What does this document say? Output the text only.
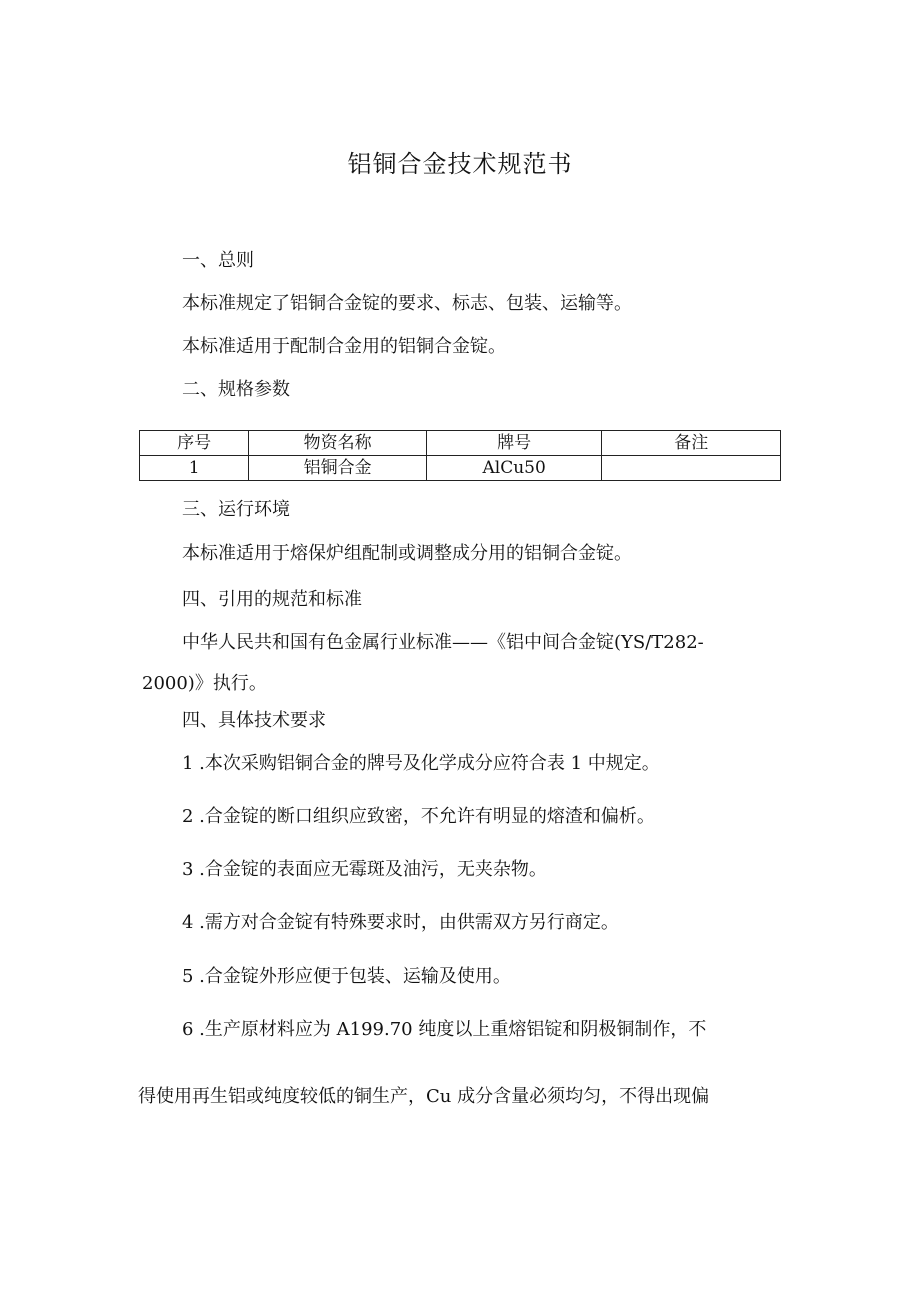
铝铜合金技术规范书
一、总则
本标准规定了铝铜合金锭的要求、标志、包装、运输等。
本标准适用于配制合金用的铝铜合金锭。
二、规格参数
序号	物资名称	牌号	备注
1	铝铜合金	AlCu50	
三、运行环境
本标准适用于熔保炉组配制或调整成分用的铝铜合金锭。
四、引用的规范和标准
中华人民共和国有色金属行业标准——《铝中间合金锭(YS/T282-
2000)》执行。
四、具体技术要求
1 .本次采购铝铜合金的牌号及化学成分应符合表 1 中规定。
2 .合金锭的断口组织应致密，不允许有明显的熔渣和偏析。
3 .合金锭的表面应无霉斑及油污，无夹杂物。
4 .需方对合金锭有特殊要求时，由供需双方另行商定。
5 .合金锭外形应便于包装、运输及使用。
6 .生产原材料应为 A199.70 纯度以上重熔铝锭和阴极铜制作，不
得使用再生铝或纯度较低的铜生产，Cu 成分含量必须均匀，不得出现偏
